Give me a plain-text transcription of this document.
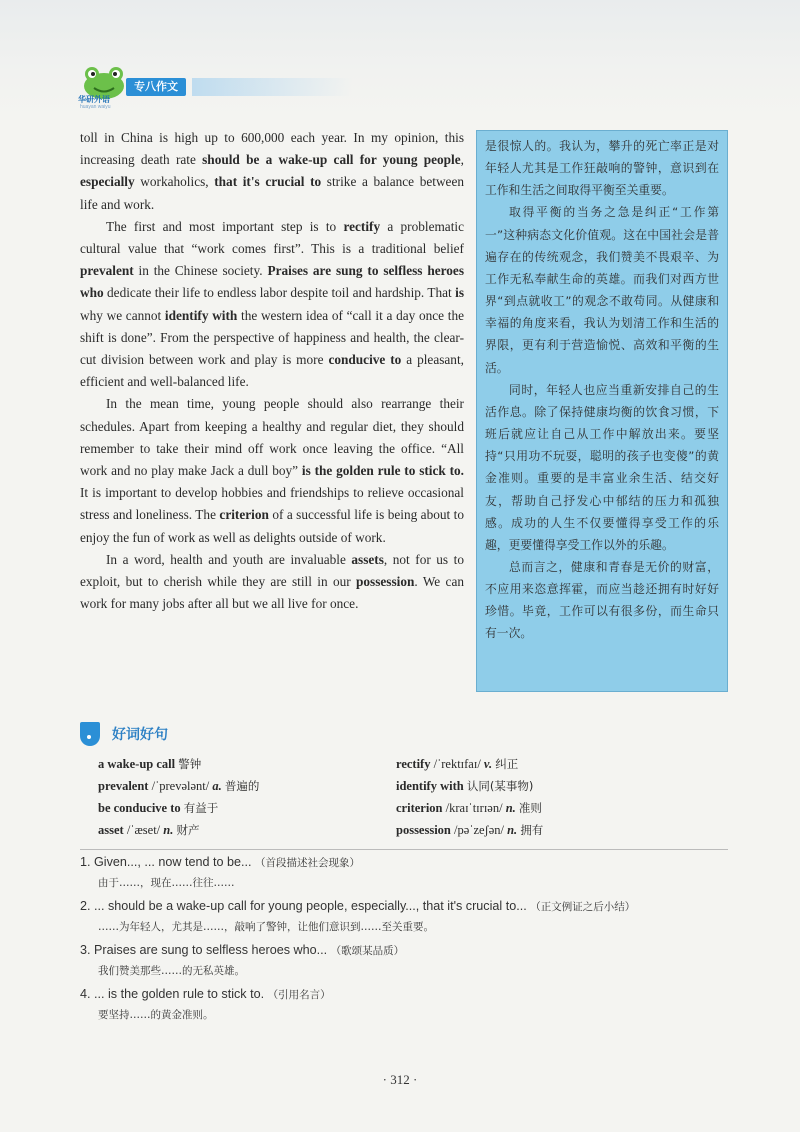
华研外语
huayan waiyu
专八作文

toll in China is high up to 600,000 each year. In my opinion, this increasing death rate should be a wake-up call for young people, especially workaholics, that it's crucial to strike a balance between life and work.

The first and most important step is to rectify a problematic cultural value that “work comes first”. This is a traditional belief prevalent in the Chinese society. Praises are sung to selfless heroes who dedicate their life to endless labor despite toil and hardship. That is why we cannot identify with the western idea of “call it a day once the shift is done”. From the perspective of happiness and health, the clear-cut division between work and play is more conducive to a pleasant, efficient and well-balanced life.

In the mean time, young people should also rearrange their schedules. Apart from keeping a healthy and regular diet, they should remember to take their mind off work once leaving the office. “All work and no play make Jack a dull boy” is the golden rule to stick to. It is important to develop hobbies and friendships to relieve occasional stress and loneliness. The criterion of a successful life is being about to enjoy the fun of work as well as delights outside of work.

In a word, health and youth are invaluable assets, not for us to exploit, but to cherish while they are still in our possession. We can work for many jobs after all but we all live for once.

是很惊人的。我认为，攀升的死亡率正是对年轻人尤其是工作狂敲响的警钟，意识到在工作和生活之间取得平衡至关重要。

取得平衡的当务之急是纠正“工作第一”这种病态文化价值观。这在中国社会是普遍存在的传统观念，我们赞美不畏艰辛、为工作无私奉献生命的英雄。而我们对西方世界“到点就收工”的观念不敢苟同。从健康和幸福的角度来看，我认为划清工作和生活的界限，更有利于营造愉悦、高效和平衡的生活。

同时，年轻人也应当重新安排自己的生活作息。除了保持健康均衡的饮食习惯，下班后就应让自己从工作中解放出来。要坚持“只用功不玩耍，聪明的孩子也变傻”的黄金准则。重要的是丰富业余生活、结交好友，帮助自己抒发心中郁结的压力和孤独感。成功的人生不仅要懂得享受工作的乐趣，更要懂得享受工作以外的乐趣。

总而言之，健康和青春是无价的财富，不应用来恣意挥霍，而应当趁还拥有时好好珍惜。毕竟，工作可以有很多份，而生命只有一次。

好词好句
a wake-up call 警钟	rectify /ˈrektɪfaɪ/ v. 纠正
prevalent /ˈprevələnt/ a. 普遍的	identify with 认同(某事物)
be conducive to 有益于	criterion /kraɪˈtɪrɪən/ n. 准则
asset /ˈæset/ n. 财产	possession /pəˈzeʃən/ n. 拥有
1. Given..., ... now tend to be... （首段描述社会现象）
由于……，现在……往往……
2. ... should be a wake-up call for young people, especially..., that it's crucial to... （正文例证之后小结）
……为年轻人，尤其是……，敲响了警钟，让他们意识到……至关重要。
3. Praises are sung to selfless heroes who... （歌颂某品质）
我们赞美那些……的无私英雄。
4. ... is the golden rule to stick to. （引用名言）
要坚持……的黄金准则。
· 312 ·
